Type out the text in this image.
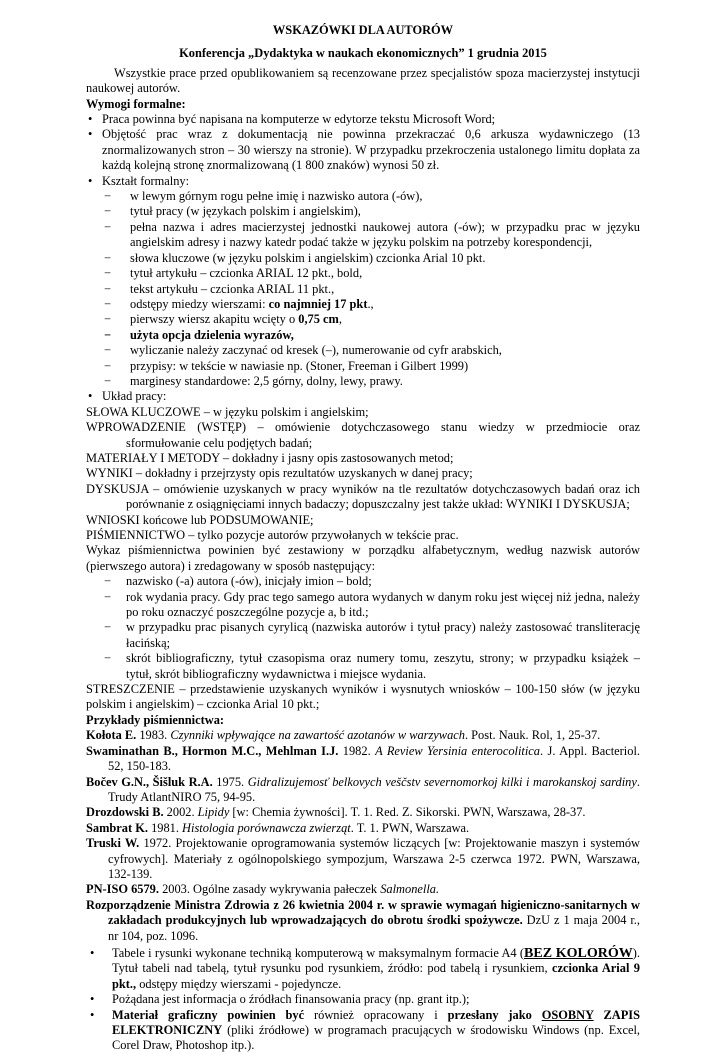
WSKAZÓWKI DLA AUTORÓW
Konferencja „Dydaktyka w naukach ekonomicznych” 1 grudnia 2015

Wszystkie prace przed opublikowaniem są recenzowane przez specjalistów spoza macierzystej instytucji naukowej autorów.

Wymogi formalne:

• Praca powinna być napisana na komputerze w edytorze tekstu Microsoft Word;
• Objętość prac wraz z dokumentacją nie powinna przekraczać 0,6 arkusza wydawniczego (13 znormalizowanych stron – 30 wierszy na stronie). W przypadku przekroczenia ustalonego limitu dopłata za każdą kolejną stronę znormalizowaną (1 800 znaków) wynosi 50 zł.
• Kształt formalny:
− w lewym górnym rogu pełne imię i nazwisko autora (-ów),
− tytuł pracy (w językach polskim i angielskim),
− pełna nazwa i adres macierzystej jednostki naukowej autora (-ów); w przypadku prac w języku angielskim adresy i nazwy katedr podać także w języku polskim na potrzeby korespondencji,
− słowa kluczowe (w języku polskim i angielskim) czcionka Arial 10 pkt.
− tytuł artykułu – czcionka ARIAL 12 pkt., bold,
− tekst artykułu – czcionka ARIAL 11 pkt.,
− odstępy miedzy wierszami: co najmniej 17 pkt.,
− pierwszy wiersz akapitu wcięty o 0,75 cm,
− użyta opcja dzielenia wyrazów,
− wyliczanie należy zaczynać od kresek (–), numerowanie od cyfr arabskich,
− przypisy: w tekście w nawiasie np. (Stoner, Freeman i Gilbert 1999)
− marginesy standardowe: 2,5 górny, dolny, lewy, prawy.
• Układ pracy:

SŁOWA KLUCZOWE – w języku polskim i angielskim;

WPROWADZENIE (WSTĘP) – omówienie dotychczasowego stanu wiedzy w przedmiocie oraz sformułowanie celu podjętych badań;

MATERIAŁY I METODY – dokładny i jasny opis zastosowanych metod;

WYNIKI – dokładny i przejrzysty opis rezultatów uzyskanych w danej pracy;

DYSKUSJA – omówienie uzyskanych w pracy wyników na tle rezultatów dotychczasowych badań oraz ich porównanie z osiągnięciami innych badaczy; dopuszczalny jest także układ: WYNIKI I DYSKUSJA;

WNIOSKI końcowe lub PODSUMOWANIE;

PIŚMIENNICTWO – tylko pozycje autorów przywołanych w tekście prac.

Wykaz piśmiennictwa powinien być zestawiony w porządku alfabetycznym, według nazwisk autorów (pierwszego autora) i zredagowany w sposób następujący:

− nazwisko (-a) autora (-ów), inicjały imion – bold;
− rok wydania pracy. Gdy prac tego samego autora wydanych w danym roku jest więcej niż jedna, należy po roku oznaczyć poszczególne pozycje a, b itd.;
− w przypadku prac pisanych cyrylicą (nazwiska autorów i tytuł pracy) należy zastosować transliterację łacińską;
− skrót bibliograficzny, tytuł czasopisma oraz numery tomu, zeszytu, strony; w przypadku książek – tytuł, skrót bibliograficzny wydawnictwa i miejsce wydania.

STRESZCZENIE – przedstawienie uzyskanych wyników i wysnutych wniosków – 100-150 słów (w języku polskim i angielskim) – czcionka Arial 10 pkt.;

Przykłady piśmiennictwa:

Kołota E. 1983. Czynniki wpływające na zawartość azotanów w warzywach. Post. Nauk. Rol, 1, 25-37.

Swaminathan B., Hormon M.C., Mehlman I.J. 1982. A Review Yersinia enterocolitica. J. Appl. Bacteriol. 52, 150-183.

Bočev G.N., Šišluk R.A. 1975. Gidralizujemosť belkovych veščstv severnomorkoj kilki i marokanskoj sardiny. Trudy AtlantNIRO 75, 94-95.

Drozdowski B. 2002. Lipidy [w: Chemia żywności]. T. 1. Red. Z. Sikorski. PWN, Warszawa, 28-37.

Sambrat K. 1981. Histologia porównawcza zwierząt. T. 1. PWN, Warszawa.

Truski W. 1972. Projektowanie oprogramowania systemów liczących [w: Projektowanie maszyn i systemów cyfrowych]. Materiały z ogólnopolskiego sympozjum, Warszawa 2-5 czerwca 1972. PWN, Warszawa, 132-139.

PN-ISO 6579. 2003. Ogólne zasady wykrywania pałeczek Salmonella.

Rozporządzenie Ministra Zdrowia z 26 kwietnia 2004 r. w sprawie wymagań higieniczno-sanitarnych w zakładach produkcyjnych lub wprowadzających do obrotu środki spożywcze. DzU z 1 maja 2004 r., nr 104, poz. 1096.

• Tabele i rysunki wykonane techniką komputerową w maksymalnym formacie A4 (BEZ KOLORÓW). Tytuł tabeli nad tabelą, tytuł rysunku pod rysunkiem, źródło: pod tabelą i rysunkiem, czcionka Arial 9 pkt., odstępy między wierszami - pojedyncze.
• Pożądana jest informacja o źródłach finansowania pracy (np. grant itp.);
• Materiał graficzny powinien być również opracowany i przesłany jako OSOBNY ZAPIS ELEKTRONICZNY (pliki źródłowe) w programach pracujących w środowisku Windows (np. Excel, Corel Draw, Photoshop itp.).
